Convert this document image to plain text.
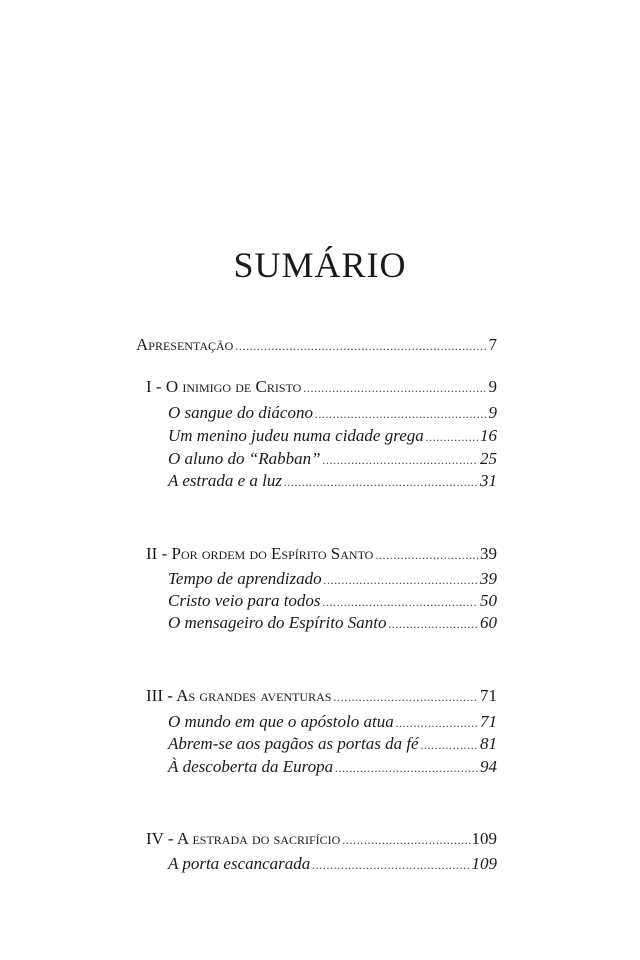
SUMÁRIO
Apresentação .....	7
I - O inimigo de Cristo .....	9
O sangue do diácono .....	9
Um menino judeu numa cidade grega .....	16
O aluno do “Rabban” .....	25
A estrada e a luz .....	31
II - Por ordem do Espírito Santo .....	39
Tempo de aprendizado .....	39
Cristo veio para todos .....	50
O mensageiro do Espírito Santo .....	60
III - As grandes aventuras .....	71
O mundo em que o apóstolo atua .....	71
Abrem-se aos pagãos as portas da fé .....	81
À descoberta da Europa .....	94
IV - A estrada do sacrifício .....	109
A porta escancarada .....	109
